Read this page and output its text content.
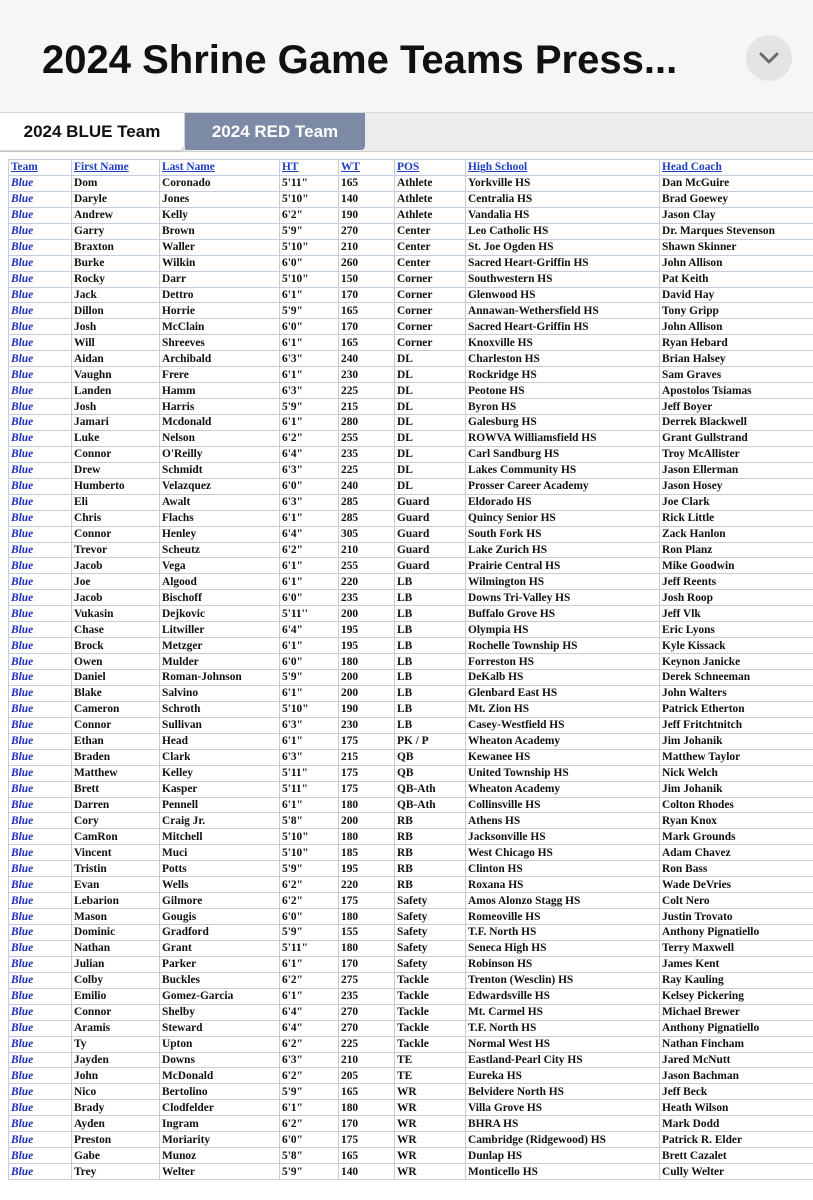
2024 Shrine Game Teams Press...
2024 BLUE Team	2024 RED Team
Team	First Name	Last Name	HT	WT	POS	High School	Head Coach
Blue	Dom	Coronado	5'11"	165	Athlete	Yorkville HS	Dan McGuire
Blue	Daryle	Jones	5'10"	140	Athlete	Centralia HS	Brad Goewey
Blue	Andrew	Kelly	6'2"	190	Athlete	Vandalia HS	Jason Clay
Blue	Garry	Brown	5'9"	270	Center	Leo Catholic HS	Dr. Marques Stevenson
Blue	Braxton	Waller	5'10"	210	Center	St. Joe Ogden HS	Shawn Skinner
Blue	Burke	Wilkin	6'0"	260	Center	Sacred Heart-Griffin HS	John Allison
Blue	Rocky	Darr	5'10"	150	Corner	Southwestern HS	Pat Keith
Blue	Jack	Dettro	6'1"	170	Corner	Glenwood HS	David Hay
Blue	Dillon	Horrie	5'9"	165	Corner	Annawan-Wethersfield HS	Tony Gripp
Blue	Josh	McClain	6'0"	170	Corner	Sacred Heart-Griffin HS	John Allison
Blue	Will	Shreeves	6'1"	165	Corner	Knoxville HS	Ryan Hebard
Blue	Aidan	Archibald	6'3"	240	DL	Charleston HS	Brian Halsey
Blue	Vaughn	Frere	6'1"	230	DL	Rockridge HS	Sam Graves
Blue	Landen	Hamm	6'3"	225	DL	Peotone HS	Apostolos Tsiamas
Blue	Josh	Harris	5'9"	215	DL	Byron HS	Jeff Boyer
Blue	Jamari	Mcdonald	6'1"	280	DL	Galesburg HS	Derrek Blackwell
Blue	Luke	Nelson	6'2"	255	DL	ROWVA Williamsfield HS	Grant Gullstrand
Blue	Connor	O'Reilly	6'4"	235	DL	Carl Sandburg HS	Troy McAllister
Blue	Drew	Schmidt	6'3"	225	DL	Lakes Community HS	Jason Ellerman
Blue	Humberto	Velazquez	6'0"	240	DL	Prosser Career Academy	Jason Hosey
Blue	Eli	Awalt	6'3"	285	Guard	Eldorado HS	Joe Clark
Blue	Chris	Flachs	6'1"	285	Guard	Quincy Senior HS	Rick Little
Blue	Connor	Henley	6'4"	305	Guard	South Fork HS	Zack Hanlon
Blue	Trevor	Scheutz	6'2"	210	Guard	Lake Zurich HS	Ron Planz
Blue	Jacob	Vega	6'1"	255	Guard	Prairie Central HS	Mike Goodwin
Blue	Joe	Algood	6'1"	220	LB	Wilmington HS	Jeff Reents
Blue	Jacob	Bischoff	6'0"	235	LB	Downs Tri-Valley HS	Josh Roop
Blue	Vukasin	Dejkovic	5'11''	200	LB	Buffalo Grove HS	Jeff Vlk
Blue	Chase	Litwiller	6'4"	195	LB	Olympia HS	Eric Lyons
Blue	Brock	Metzger	6'1"	195	LB	Rochelle Township HS	Kyle Kissack
Blue	Owen	Mulder	6'0"	180	LB	Forreston HS	Keynon Janicke
Blue	Daniel	Roman-Johnson	5'9"	200	LB	DeKalb HS	Derek Schneeman
Blue	Blake	Salvino	6'1"	200	LB	Glenbard East HS	John Walters
Blue	Cameron	Schroth	5'10"	190	LB	Mt. Zion HS	Patrick Etherton
Blue	Connor	Sullivan	6'3"	230	LB	Casey-Westfield HS	Jeff Fritchtnitch
Blue	Ethan	Head	6'1"	175	PK / P	Wheaton Academy	Jim Johanik
Blue	Braden	Clark	6'3"	215	QB	Kewanee HS	Matthew Taylor
Blue	Matthew	Kelley	5'11"	175	QB	United Township HS	Nick Welch
Blue	Brett	Kasper	5'11"	175	QB-Ath	Wheaton Academy	Jim Johanik
Blue	Darren	Pennell	6'1"	180	QB-Ath	Collinsville HS	Colton Rhodes
Blue	Cory	Craig Jr.	5'8"	200	RB	Athens HS	Ryan Knox
Blue	CamRon	Mitchell	5'10"	180	RB	Jacksonville HS	Mark Grounds
Blue	Vincent	Muci	5'10"	185	RB	West Chicago HS	Adam Chavez
Blue	Tristin	Potts	5'9"	195	RB	Clinton HS	Ron Bass
Blue	Evan	Wells	6'2"	220	RB	Roxana HS	Wade DeVries
Blue	Lebarion	Gilmore	6'2"	175	Safety	Amos Alonzo Stagg HS	Colt Nero
Blue	Mason	Gougis	6'0"	180	Safety	Romeoville HS	Justin Trovato
Blue	Dominic	Gradford	5'9"	155	Safety	T.F. North HS	Anthony Pignatiello
Blue	Nathan	Grant	5'11"	180	Safety	Seneca High HS	Terry Maxwell
Blue	Julian	Parker	6'1"	170	Safety	Robinson HS	James Kent
Blue	Colby	Buckles	6'2"	275	Tackle	Trenton (Wesclin) HS	Ray Kauling
Blue	Emilio	Gomez-Garcia	6'1"	235	Tackle	Edwardsville HS	Kelsey Pickering
Blue	Connor	Shelby	6'4"	270	Tackle	Mt. Carmel HS	Michael Brewer
Blue	Aramis	Steward	6'4"	270	Tackle	T.F. North HS	Anthony Pignatiello
Blue	Ty	Upton	6'2"	225	Tackle	Normal West HS	Nathan Fincham
Blue	Jayden	Downs	6'3"	210	TE	Eastland-Pearl City HS	Jared McNutt
Blue	John	McDonald	6'2"	205	TE	Eureka HS	Jason Bachman
Blue	Nico	Bertolino	5'9"	165	WR	Belvidere North HS	Jeff Beck
Blue	Brady	Clodfelder	6'1"	180	WR	Villa Grove HS	Heath Wilson
Blue	Ayden	Ingram	6'2"	170	WR	BHRA HS	Mark Dodd
Blue	Preston	Moriarity	6'0"	175	WR	Cambridge (Ridgewood) HS	Patrick R. Elder
Blue	Gabe	Munoz	5'8"	165	WR	Dunlap HS	Brett Cazalet
Blue	Trey	Welter	5'9"	140	WR	Monticello HS	Cully Welter
